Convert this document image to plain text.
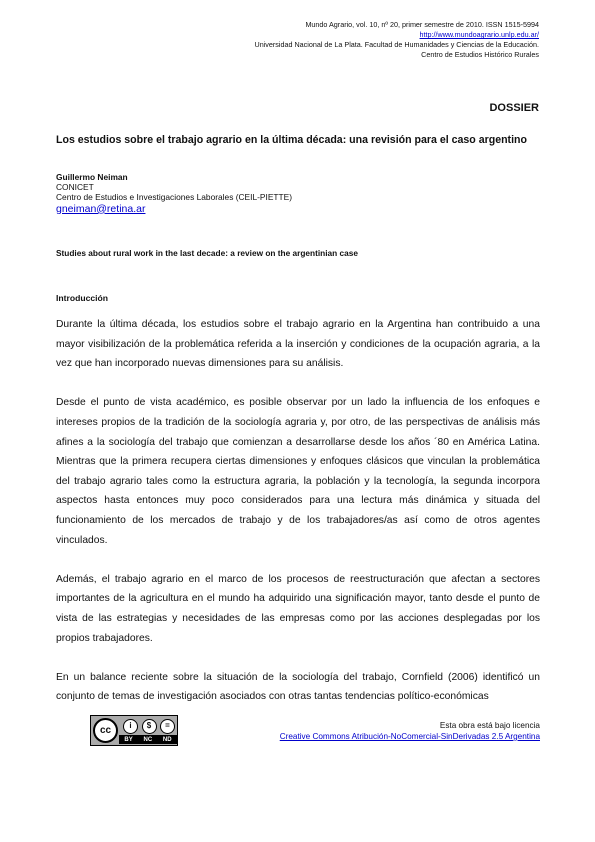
Mundo Agrario, vol. 10, nº 20, primer semestre de 2010. ISSN 1515-5994
http://www.mundoagrario.unlp.edu.ar/
Universidad Nacional de La Plata. Facultad de Humanidades y Ciencias de la Educación.
Centro de Estudios Histórico Rurales
DOSSIER
Los estudios sobre el trabajo agrario en la última década: una revisión para el caso argentino
Guillermo Neiman
CONICET
Centro de Estudios e Investigaciones Laborales (CEIL-PIETTE)
gneiman@retina.ar
Studies about rural work in the last decade: a review on the argentinian case
Introducción

Durante la última década, los estudios sobre el trabajo agrario en la Argentina han contribuido a una mayor visibilización de la problemática referida a la inserción y condiciones de la ocupación agraria, a la vez que han incorporado nuevas dimensiones para su análisis.

Desde el punto de vista académico, es posible observar por un lado la influencia de los enfoques e intereses propios de la tradición de la sociología agraria y, por otro, de las perspectivas de análisis más afines a la sociología del trabajo que comienzan a desarrollarse desde los años ´80 en América Latina. Mientras que la primera recupera ciertas dimensiones y enfoques clásicos que vinculan la problemática del trabajo agrario tales como la estructura agraria, la población y la tecnología, la segunda incorpora aspectos hasta entonces muy poco considerados para una lectura más dinámica y situada del funcionamiento de los mercados de trabajo y de los trabajadores/as así como de otros agentes vinculados.

Además, el trabajo agrario en el marco de los procesos de reestructuración que afectan a sectores importantes de la agricultura en el mundo ha adquirido una significación mayor, tanto desde el punto de vista de las estrategias y necesidades de las empresas como por las acciones desplegadas por los propios trabajadores.

En un balance reciente sobre la situación de la sociología del trabajo, Cornfield (2006) identificó un conjunto de temas de investigación asociados con otras tantas tendencias político-económicas

cc	i	$	=
BY NC ND
Esta obra está bajo licencia
Creative Commons Atribución-NoComercial-SinDerivadas 2.5 Argentina
